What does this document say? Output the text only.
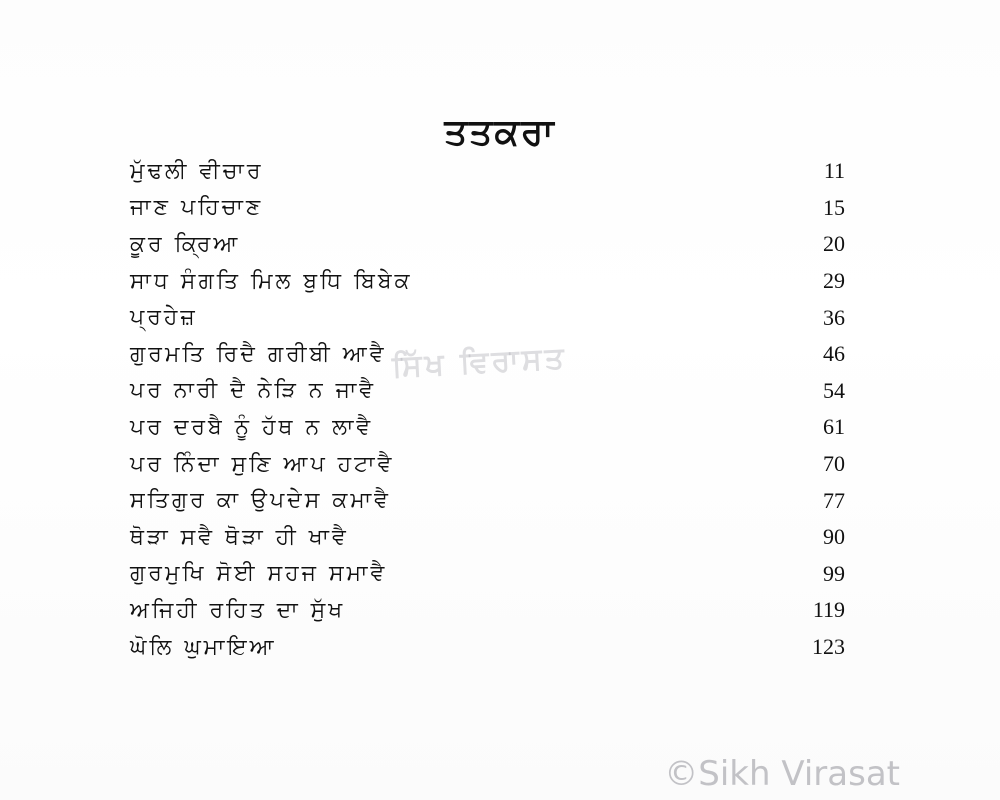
ਤਤਕਰਾ
ਮੁੱਢਲੀ ਵੀਚਾਰ	11
ਜਾਣ ਪਹਿਚਾਣ	15
ਕੂਰ ਕ੍ਰਿਆ	20
ਸਾਧ ਸੰਗਤਿ ਮਿਲ ਬੁਧਿ ਬਿਬੇਕ	29
ਪ੍ਰਹੇਜ਼	36
ਗੁਰਮਤਿ ਰਿਦੈ ਗਰੀਬੀ ਆਵੈ	46
ਪਰ ਨਾਰੀ ਦੈ ਨੇੜਿ ਨ ਜਾਵੈ	54
ਪਰ ਦਰਬੈ ਨੂੰ ਹੱਥ ਨ ਲਾਵੈ	61
ਪਰ ਨਿੰਦਾ ਸੁਣਿ ਆਪ ਹਟਾਵੈ	70
ਸਤਿਗੁਰ ਕਾ ਉਪਦੇਸ ਕਮਾਵੈ	77
ਥੋੜਾ ਸਵੈ ਥੋੜਾ ਹੀ ਖਾਵੈ	90
ਗੁਰਮੁਖਿ ਸੋਈ ਸਹਜ ਸਮਾਵੈ	99
ਅਜਿਹੀ ਰਹਿਤ ਦਾ ਸੁੱਖ	119
ਘੋਲਿ ਘੁਮਾਇਆ	123
ਸਿੱਖ ਵਿਰਾਸਤ
©Sikh Virasat
